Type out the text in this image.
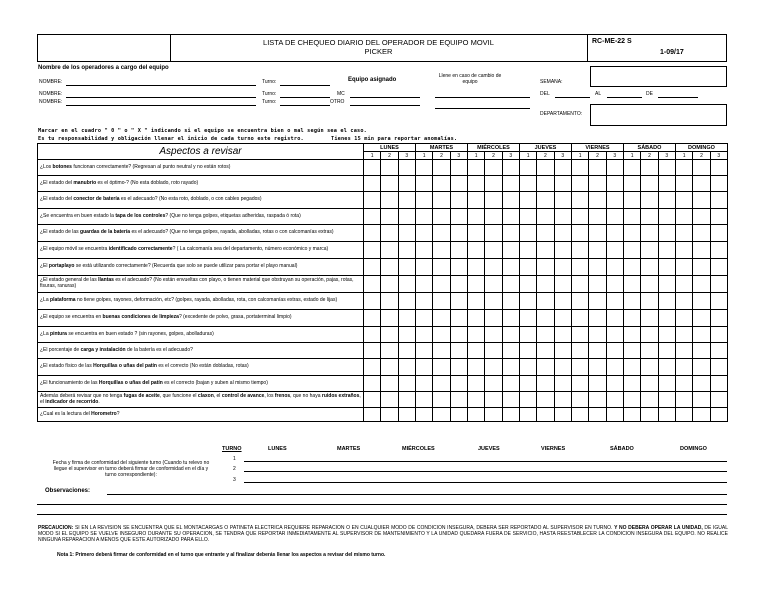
LISTA DE CHEQUEO DIARIO DEL OPERADOR DE EQUIPO MOVIL
PICKER
RC-ME-22 S
1-09/17
Nombre de los operadores a cargo del equipo
NOMBRE:	Turno:
NOMBRE:	Turno:
NOMBRE:	Turno:
Equipo asignado
MC
OTRO
Llene en caso de cambio de equipo	SEMANA:
DEL	AL	DE
DEPARTAMENTO:
Marcar en el cuadro " 0 " o " X " indicando si el equipo se encuentra bien o mal según sea el caso.
Es tu responsabilidad y obligación llenar el inicio de cada turno este registro.	Tienes 15 min para reportar anomalías.
Aspectos a revisar	LUNES			MARTES			MIÉRCOLES			JUEVES			VIERNES			SÁBADO			DOMINGO		
	1	2	3	1	2	3	1	2	3	1	2	3	1	2	3	1	2	3	1	2	3
¿Los botones funcionan correctamente? (Regresan al punto neutral y no están rotos)																					
¿El estado del manubrio es el óptimo-? (No esta doblado, roto rayado)																					
¿El estado del conector de batería es el adecuado? (No esta roto, doblado, o con cables pegados)																					
¿Se encuentra en buen estado la tapa de los controles? (Que no tenga golpes, etiquetas adheridas, raspada ó rota)																					
¿El estado de las guardas de la batería es el adecuado? (Que no tenga golpes, rayada, abolladas, rotas o con calcomanías extras)																					
¿El equipo móvil se encuentra identificado correctamente? ( La calcomanía sea del departamento, número económico y marca)																					
¿El portaplayo se está utilizando correctamente? (Recuerda que solo se puede utilizar para portar el playo manual)																					
¿El estado general de las llantas es el adecuado? (No están envueltas con playo, o tienen material que obstruyan su operación, pajas, rotas, fisuras, ranuras)																					
¿La plataforma no tiene golpes, rayones, deformación, etc? (golpes, rayada, abolladas, rota, con calcomanías extras, estado de lijas)																					
¿El equipo se encuentra en buenas condiciones de limpieza? (excedente de polvo, grasa, portaterminal limpio)																					
¿La pintura se encuentra en buen estado ? (sin rayones, golpes, abolladuras)																					
¿El porcentaje de carga y instalación de la batería es el adecuado?																					
¿El estado físico de las Horquillas o uñas del patín es el correcto (No están dobladas, rotas)																					
¿El funcionamiento de las Horquillas o uñas del patín es el correcto (bajan y suben al mismo tiempo)																					
Además deberá revisar que no tenga fugas de aceite, que funcione el claxon, el control de avance, los frenos, que no haya ruidos extraños, el indicador de recorrido.																					
¿Cual es la lectura del Horometro?																					
TURNO	LUNES	MARTES	MIÉRCOLES	JUEVES	VIERNES	SÁBADO	DOMINGO
Fecha y firma de conformidad del siguiente turno (Cuando tu relevo no llegue el supervisor en turno deberá firmar de conformidad en el día y turno correspondiente):
1
2
3
Observaciones:
PRECAUCION: SI EN LA REVISION SE ENCUENTRA QUE EL MONTACARGAS O PATINETA ELECTRICA REQUIERE REPARACION O EN CUALQUIER MODO DE CONDICION INSEGURA, DEBERA SER REPORTADO AL SUPERVISOR EN TURNO. Y NO DEBERA OPERAR LA UNIDAD, DE IGUAL MODO SI EL EQUIPO SE VUELVE INSEGURO DURANTE SU OPERACION, SE TENDRA QUE REPORTAR INMEDIATAMENTE AL SUPERVISOR DE MANTENIMIENTO Y LA UNIDAD QUEDARA FUERA DE SERVICIO, HASTA REESTABLECER LA CONDICION INSEGURA DEL EQUIPO. NO REALICE NINGUNA REPARACION A MENOS QUE ESTE AUTORIZADO PARA ELLO.
Nota 1: Primero deberá firmar de conformidad en el turno que entrante y al finalizar deberás llenar los aspectos a revisar del mismo turno.
